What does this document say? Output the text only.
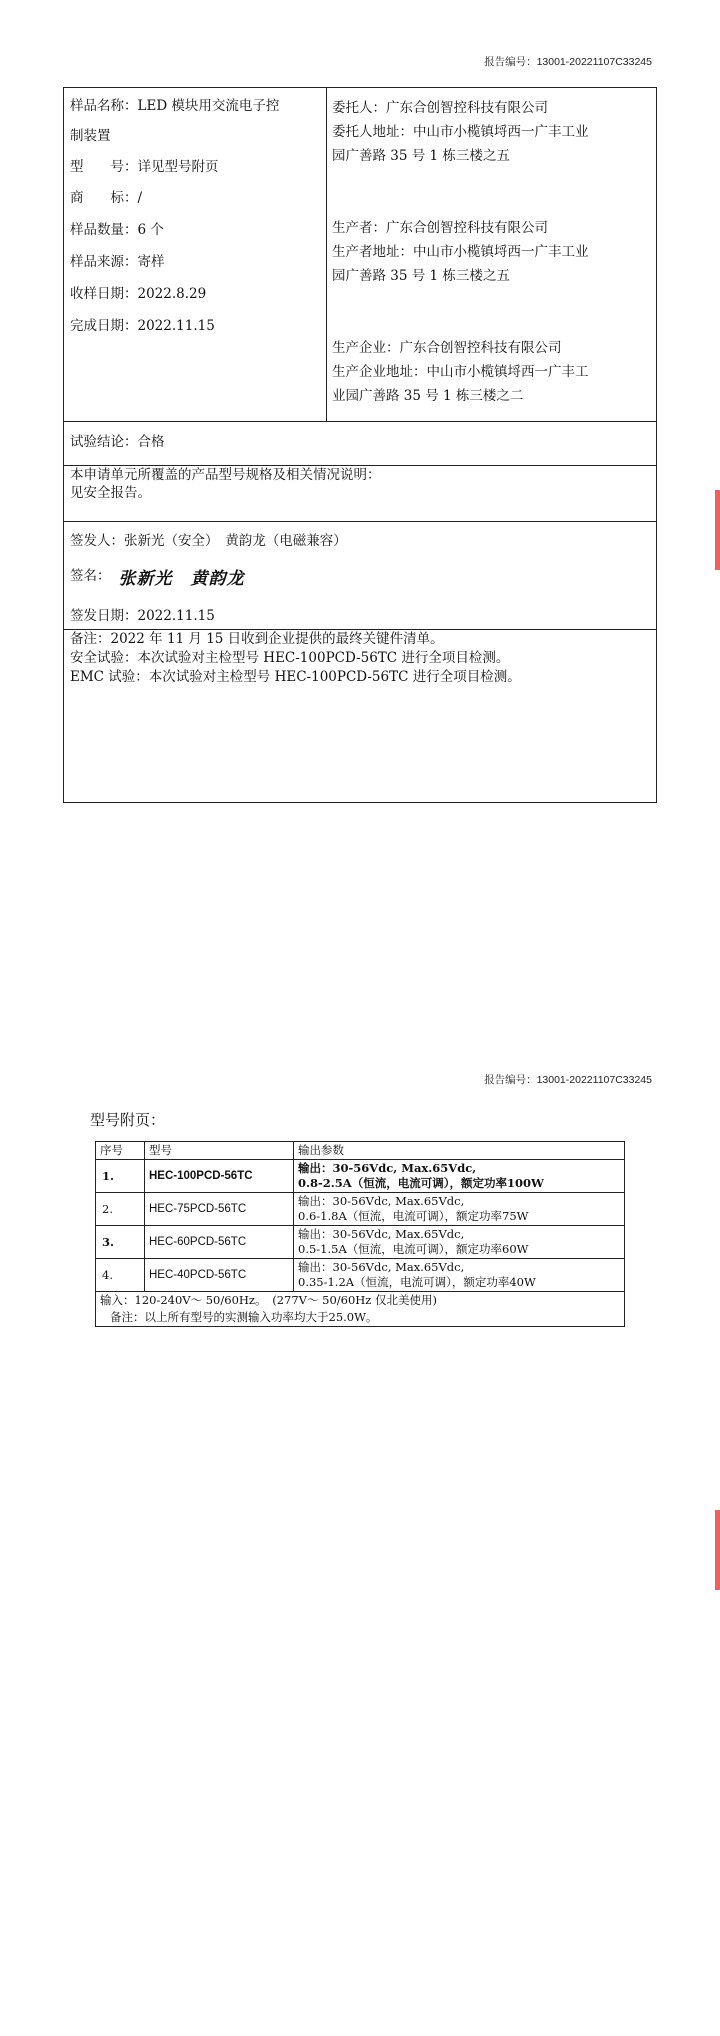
报告编号：13001-20221107C33245
样品名称：LED 模块用交流电子控
制装置
型　　号：详见型号附页
商　　标：/
样品数量：6 个
样品来源：寄样
收样日期：2022.8.29
完成日期：2022.11.15
委托人：广东合创智控科技有限公司
委托人地址：中山市小榄镇埒西一广丰工业
园广善路 35 号 1 栋三楼之五
生产者：广东合创智控科技有限公司
生产者地址：中山市小榄镇埒西一广丰工业
园广善路 35 号 1 栋三楼之五
生产企业：广东合创智控科技有限公司
生产企业地址：中山市小榄镇埒西一广丰工
业园广善路 35 号 1 栋三楼之二
试验结论：合格
本申请单元所覆盖的产品型号规格及相关情况说明：
见安全报告。
签发人：张新光（安全）　黄韵龙（电磁兼容）
签名： 张新光 黄韵龙
签发日期：2022.11.15
备注：2022 年 11 月 15 日收到企业提供的最终关键件清单。
安全试验：本次试验对主检型号 HEC-100PCD-56TC 进行全项目检测。
EMC 试验：本次试验对主检型号 HEC-100PCD-56TC 进行全项目检测。
报告编号：13001-20221107C33245
型号附页：
序号	型号	输出参数
1.	HEC-100PCD-56TC	输出：30-56Vdc, Max.65Vdc,
0.8-2.5A（恒流，电流可调），额定功率100W

2.	HEC-75PCD-56TC	输出：30-56Vdc, Max.65Vdc,
0.6-1.8A（恒流，电流可调），额定功率75W

3.	HEC-60PCD-56TC	输出：30-56Vdc, Max.65Vdc,
0.5-1.5A（恒流，电流可调），额定功率60W

4.	HEC-40PCD-56TC	输出：30-56Vdc, Max.65Vdc,
0.35-1.2A（恒流，电流可调），额定功率40W

输入：120-240V～ 50/60Hz。　(277V～ 50/60Hz 仅北美使用)		
备注：以上所有型号的实测输入功率均大于25.0W。		
